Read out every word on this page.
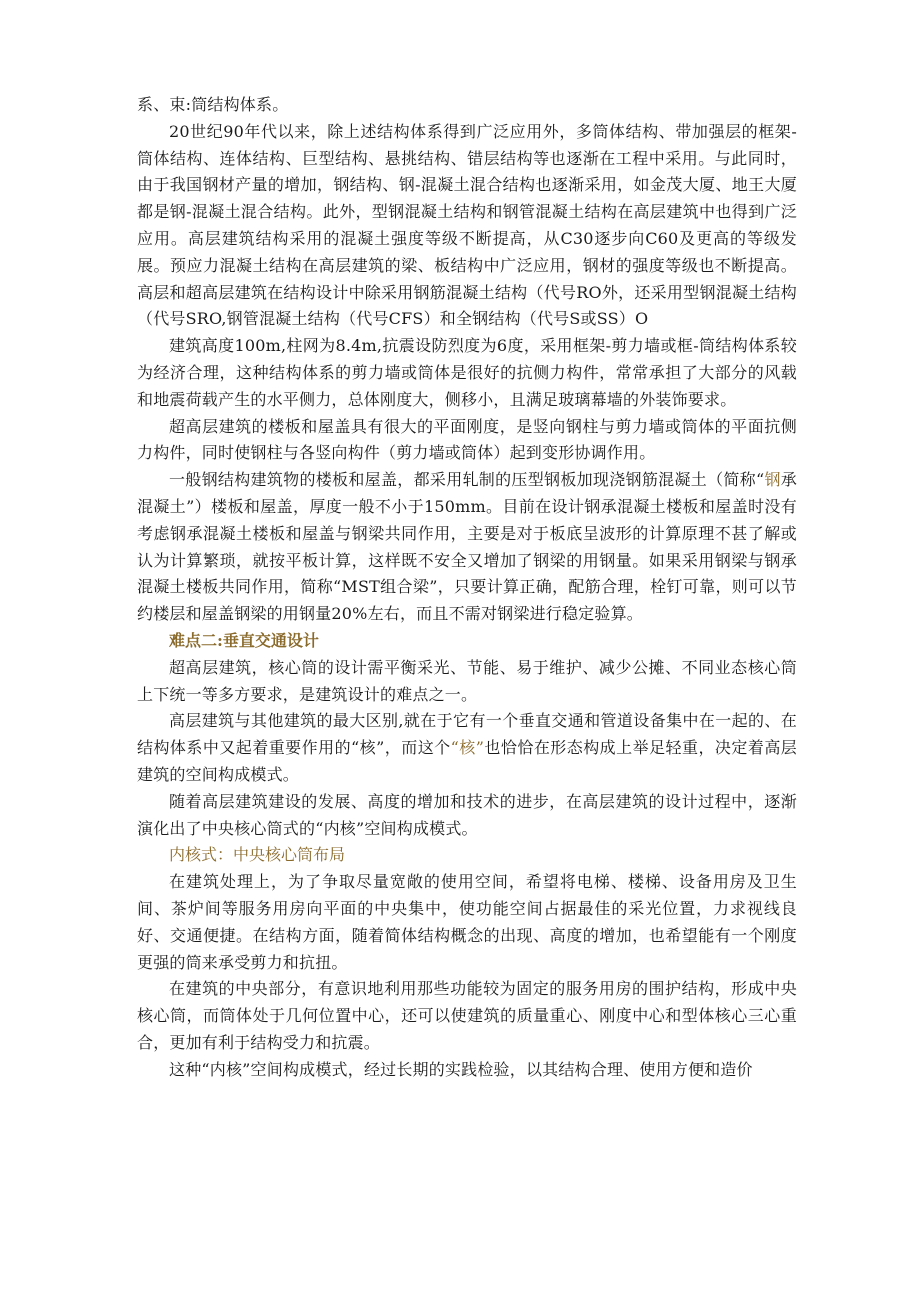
系、束:筒结构体系。

20世纪90年代以来，除上述结构体系得到广泛应用外，多筒体结构、带加强层的框架-筒体结构、连体结构、巨型结构、悬挑结构、错层结构等也逐渐在工程中采用。与此同时，由于我国钢材产量的增加，钢结构、钢-混凝土混合结构也逐渐采用，如金茂大厦、地王大厦都是钢-混凝土混合结构。此外，型钢混凝土结构和钢管混凝土结构在高层建筑中也得到广泛应用。高层建筑结构采用的混凝土强度等级不断提高，从C30逐步向C60及更高的等级发展。预应力混凝土结构在高层建筑的梁、板结构中广泛应用，钢材的强度等级也不断提高。高层和超高层建筑在结构设计中除采用钢筋混凝土结构（代号RO外，还采用型钢混凝土结构（代号SRO,钢管混凝土结构（代号CFS）和全钢结构（代号S或SS）O

建筑高度100m,柱网为8.4m,抗震设防烈度为6度，采用框架-剪力墙或框-筒结构体系较为经济合理，这种结构体系的剪力墙或筒体是很好的抗侧力构件，常常承担了大部分的风载和地震荷载产生的水平侧力，总体刚度大，侧移小，且满足玻璃幕墙的外装饰要求。

超高层建筑的楼板和屋盖具有很大的平面刚度，是竖向钢柱与剪力墙或筒体的平面抗侧力构件，同时使钢柱与各竖向构件（剪力墙或筒体）起到变形协调作用。

一般钢结构建筑物的楼板和屋盖，都采用轧制的压型钢板加现浇钢筋混凝土（简称“钢承混凝土”）楼板和屋盖，厚度一般不小于150mm。目前在设计钢承混凝土楼板和屋盖时没有考虑钢承混凝土楼板和屋盖与钢梁共同作用，主要是对于板底呈波形的计算原理不甚了解或认为计算繁琐，就按平板计算，这样既不安全又增加了钢梁的用钢量。如果采用钢梁与钢承混凝土楼板共同作用，简称“MST组合梁”，只要计算正确，配筋合理，栓钉可靠，则可以节约楼层和屋盖钢梁的用钢量20%左右，而且不需对钢梁进行稳定验算。

难点二:垂直交通设计

超高层建筑，核心筒的设计需平衡采光、节能、易于维护、减少公摊、不同业态核心筒上下统一等多方要求，是建筑设计的难点之一。

高层建筑与其他建筑的最大区别,就在于它有一个垂直交通和管道设备集中在一起的、在结构体系中又起着重要作用的“核”，而这个“核”也恰恰在形态构成上举足轻重，决定着高层建筑的空间构成模式。

随着高层建筑建设的发展、高度的增加和技术的进步，在高层建筑的设计过程中，逐渐演化出了中央核心筒式的“内核”空间构成模式。

内核式：中央核心筒布局

在建筑处理上，为了争取尽量宽敞的使用空间，希望将电梯、楼梯、设备用房及卫生间、茶炉间等服务用房向平面的中央集中，使功能空间占据最佳的采光位置，力求视线良好、交通便捷。在结构方面，随着简体结构概念的出现、高度的增加，也希望能有一个刚度更强的筒来承受剪力和抗扭。

在建筑的中央部分，有意识地利用那些功能较为固定的服务用房的围护结构，形成中央核心筒，而筒体处于几何位置中心，还可以使建筑的质量重心、刚度中心和型体核心三心重合，更加有利于结构受力和抗震。

这种“内核”空间构成模式，经过长期的实践检验，以其结构合理、使用方便和造价
